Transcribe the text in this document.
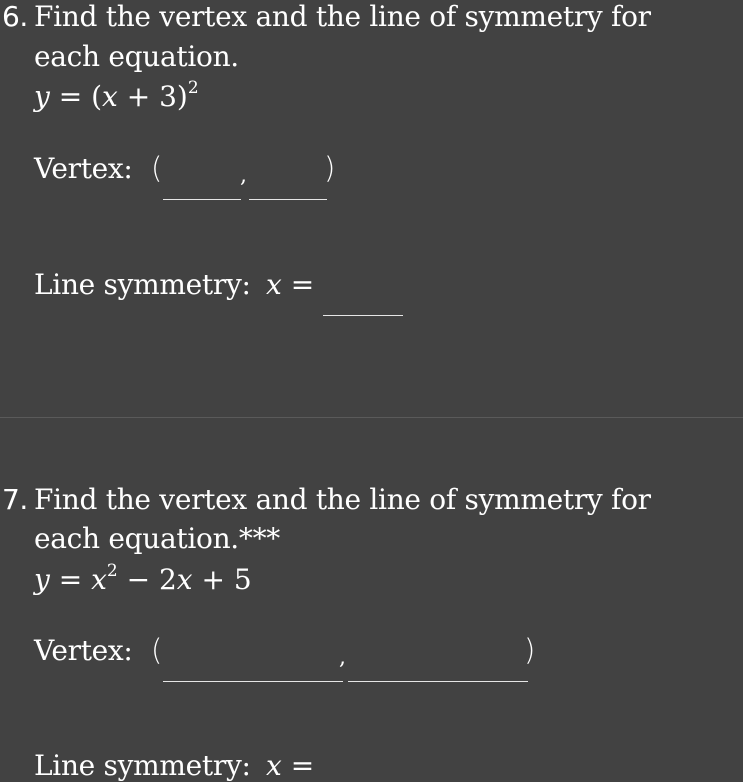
6. Find the vertex and the line of symmetry for
each equation.
$y = (x + 3)^2$
Vertex: (	,	)
Line symmetry: x =
7. Find the vertex and the line of symmetry for
each equation.***
$y = x^2 - 2x + 5$
Vertex: (	,	)
Line symmetry: x =
